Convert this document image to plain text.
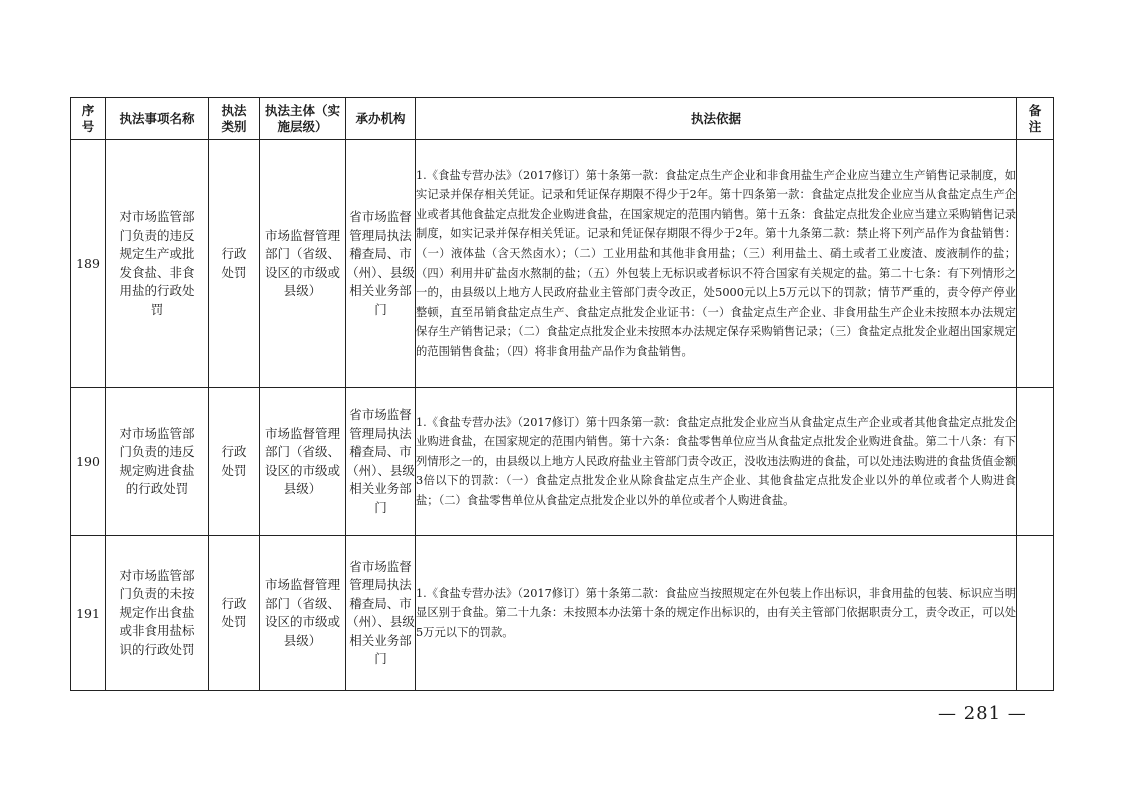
序号	执法事项名称	执法类别	执法主体（实施层级）	承办机构	执法依据	备注
189	对市场监管部门负责的违反规定生产或批发食盐、非食用盐的行政处罚	行政处罚	市场监督管理部门（省级、设区的市级或县级）	省市场监督管理局执法稽查局、市（州）、县级相关业务部门	1.《食盐专营办法》（2017修订）第十条第一款：食盐定点生产企业和非食用盐生产企业应当建立生产销售记录制度，如实记录并保存相关凭证。记录和凭证保存期限不得少于2年。第十四条第一款：食盐定点批发企业应当从食盐定点生产企业或者其他食盐定点批发企业购进食盐，在国家规定的范围内销售。第十五条：食盐定点批发企业应当建立采购销售记录制度，如实记录并保存相关凭证。记录和凭证保存期限不得少于2年。第十九条第二款：禁止将下列产品作为食盐销售：（一）液体盐（含天然卤水）；（二）工业用盐和其他非食用盐；（三）利用盐土、硝土或者工业废渣、废液制作的盐；（四）利用井矿盐卤水熬制的盐；（五）外包装上无标识或者标识不符合国家有关规定的盐。第二十七条：有下列情形之一的，由县级以上地方人民政府盐业主管部门责令改正，处5000元以上5万元以下的罚款；情节严重的，责令停产停业整顿，直至吊销食盐定点生产、食盐定点批发企业证书：（一）食盐定点生产企业、非食用盐生产企业未按照本办法规定保存生产销售记录；（二）食盐定点批发企业未按照本办法规定保存采购销售记录；（三）食盐定点批发企业超出国家规定的范围销售食盐；（四）将非食用盐产品作为食盐销售。	
190	对市场监管部门负责的违反规定购进食盐的行政处罚	行政处罚	市场监督管理部门（省级、设区的市级或县级）	省市场监督管理局执法稽查局、市（州）、县级相关业务部门	1.《食盐专营办法》（2017修订）第十四条第一款：食盐定点批发企业应当从食盐定点生产企业或者其他食盐定点批发企业购进食盐，在国家规定的范围内销售。第十六条：食盐零售单位应当从食盐定点批发企业购进食盐。第二十八条：有下列情形之一的，由县级以上地方人民政府盐业主管部门责令改正，没收违法购进的食盐，可以处违法购进的食盐货值金额3倍以下的罚款：（一）食盐定点批发企业从除食盐定点生产企业、其他食盐定点批发企业以外的单位或者个人购进食盐；（二）食盐零售单位从食盐定点批发企业以外的单位或者个人购进食盐。	
191	对市场监管部门负责的未按规定作出食盐或非食用盐标识的行政处罚	行政处罚	市场监督管理部门（省级、设区的市级或县级）	省市场监督管理局执法稽查局、市（州）、县级相关业务部门	1.《食盐专营办法》（2017修订）第十条第二款：食盐应当按照规定在外包装上作出标识，非食用盐的包装、标识应当明显区别于食盐。第二十九条：未按照本办法第十条的规定作出标识的，由有关主管部门依据职责分工，责令改正，可以处5万元以下的罚款。	
— 281 —
